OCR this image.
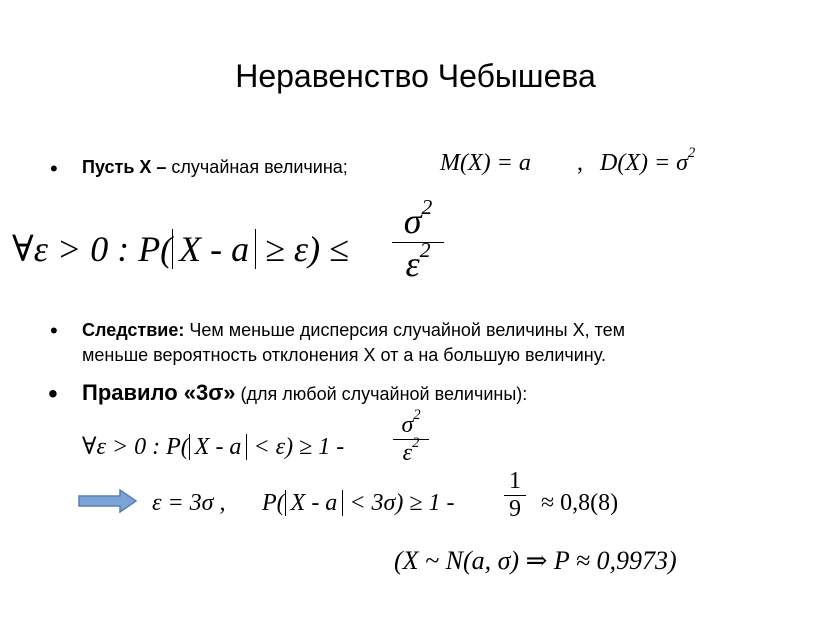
Неравенство Чебышева
• Пусть X – случайная величина;	M(X) = a , $D(X) = \sigma^2$
∀ε > 0 : P( X - a ≥ ε) ≤
$\sigma^2$
$\varepsilon^2$
• Следствие: Чем меньше дисперсия случайной величины X, тем
меньше вероятность отклонения X от a на большую величину.
• Правило «3σ» (для любой случайной величины):
∀ε > 0 : P( X - a < ε) ≥ 1 -
$\sigma^2$
$\varepsilon^2$
ε = 3σ , P( X - a < 3σ) ≥ 1 -
1
9 ≈ 0,8(8)
(X ~ N(a, σ) ⇒ P ≈ 0,9973)
